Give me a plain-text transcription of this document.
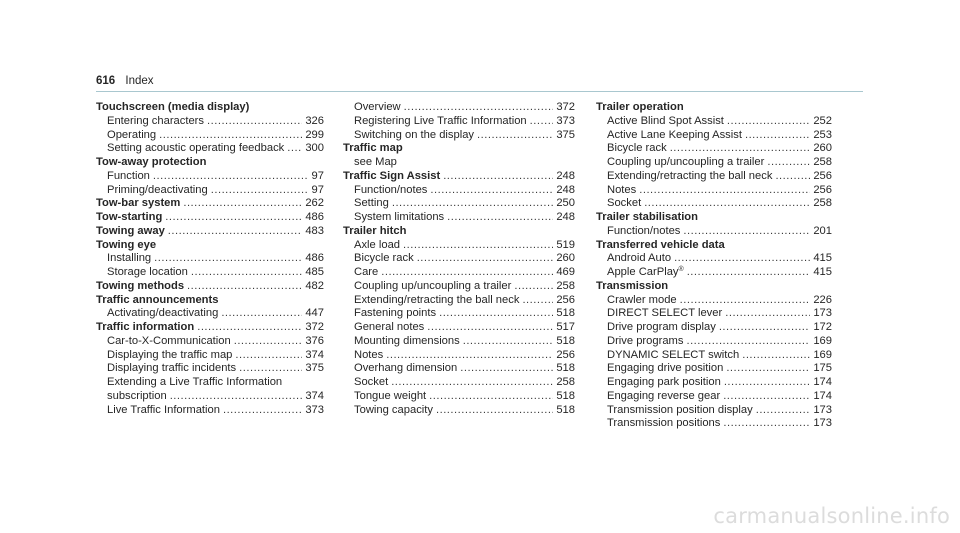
616 Index
Touchscreen (media display)
Entering characters .....	326
Operating .....	299
Setting acoustic operating feedback ..... 300
Tow-away protection
Function .....	97
Priming/deactivating .....	97
Tow-bar system .....	262
Tow-starting .....	486
Towing away .....	483
Towing eye
Installing .....	486
Storage location .....	485
Towing methods .....	482
Traffic announcements
Activating/deactivating .....	447
Traffic information .....	372
Car-to-X-Communication .....	376
Displaying the traffic map .....	374
Displaying traffic incidents .....	375
Extending a Live Traffic Information
subscription .....	374
Live Traffic Information .....	373
Overview .....	372
Registering Live Traffic Information .....	373
Switching on the display .....	375
Traffic map
see Map
Traffic Sign Assist .....	248
Function/notes .....	248
Setting .....	250
System limitations .....	248
Trailer hitch
Axle load .....	519
Bicycle rack .....	260
Care .....	469
Coupling up/uncoupling a trailer .....	258
Extending/retracting the ball neck .....	256
Fastening points .....	518
General notes .....	517
Mounting dimensions .....	518
Notes .....	256
Overhang dimension .....	518
Socket .....	258
Tongue weight .....	518
Towing capacity .....	518
Trailer operation
Active Blind Spot Assist .....	252
Active Lane Keeping Assist .....	253
Bicycle rack .....	260
Coupling up/uncoupling a trailer .....	258
Extending/retracting the ball neck .....	256
Notes .....	256
Socket .....	258
Trailer stabilisation
Function/notes .....	201
Transferred vehicle data
Android Auto .....	415
Apple CarPlay® .....	415
Transmission
Crawler mode .....	226
DIRECT SELECT lever .....	173
Drive program display .....	172
Drive programs .....	169
DYNAMIC SELECT switch .....	169
Engaging drive position .....	175
Engaging park position .....	174
Engaging reverse gear .....	174
Transmission position display .....	173
Transmission positions .....	173
carmanualsonline.info
